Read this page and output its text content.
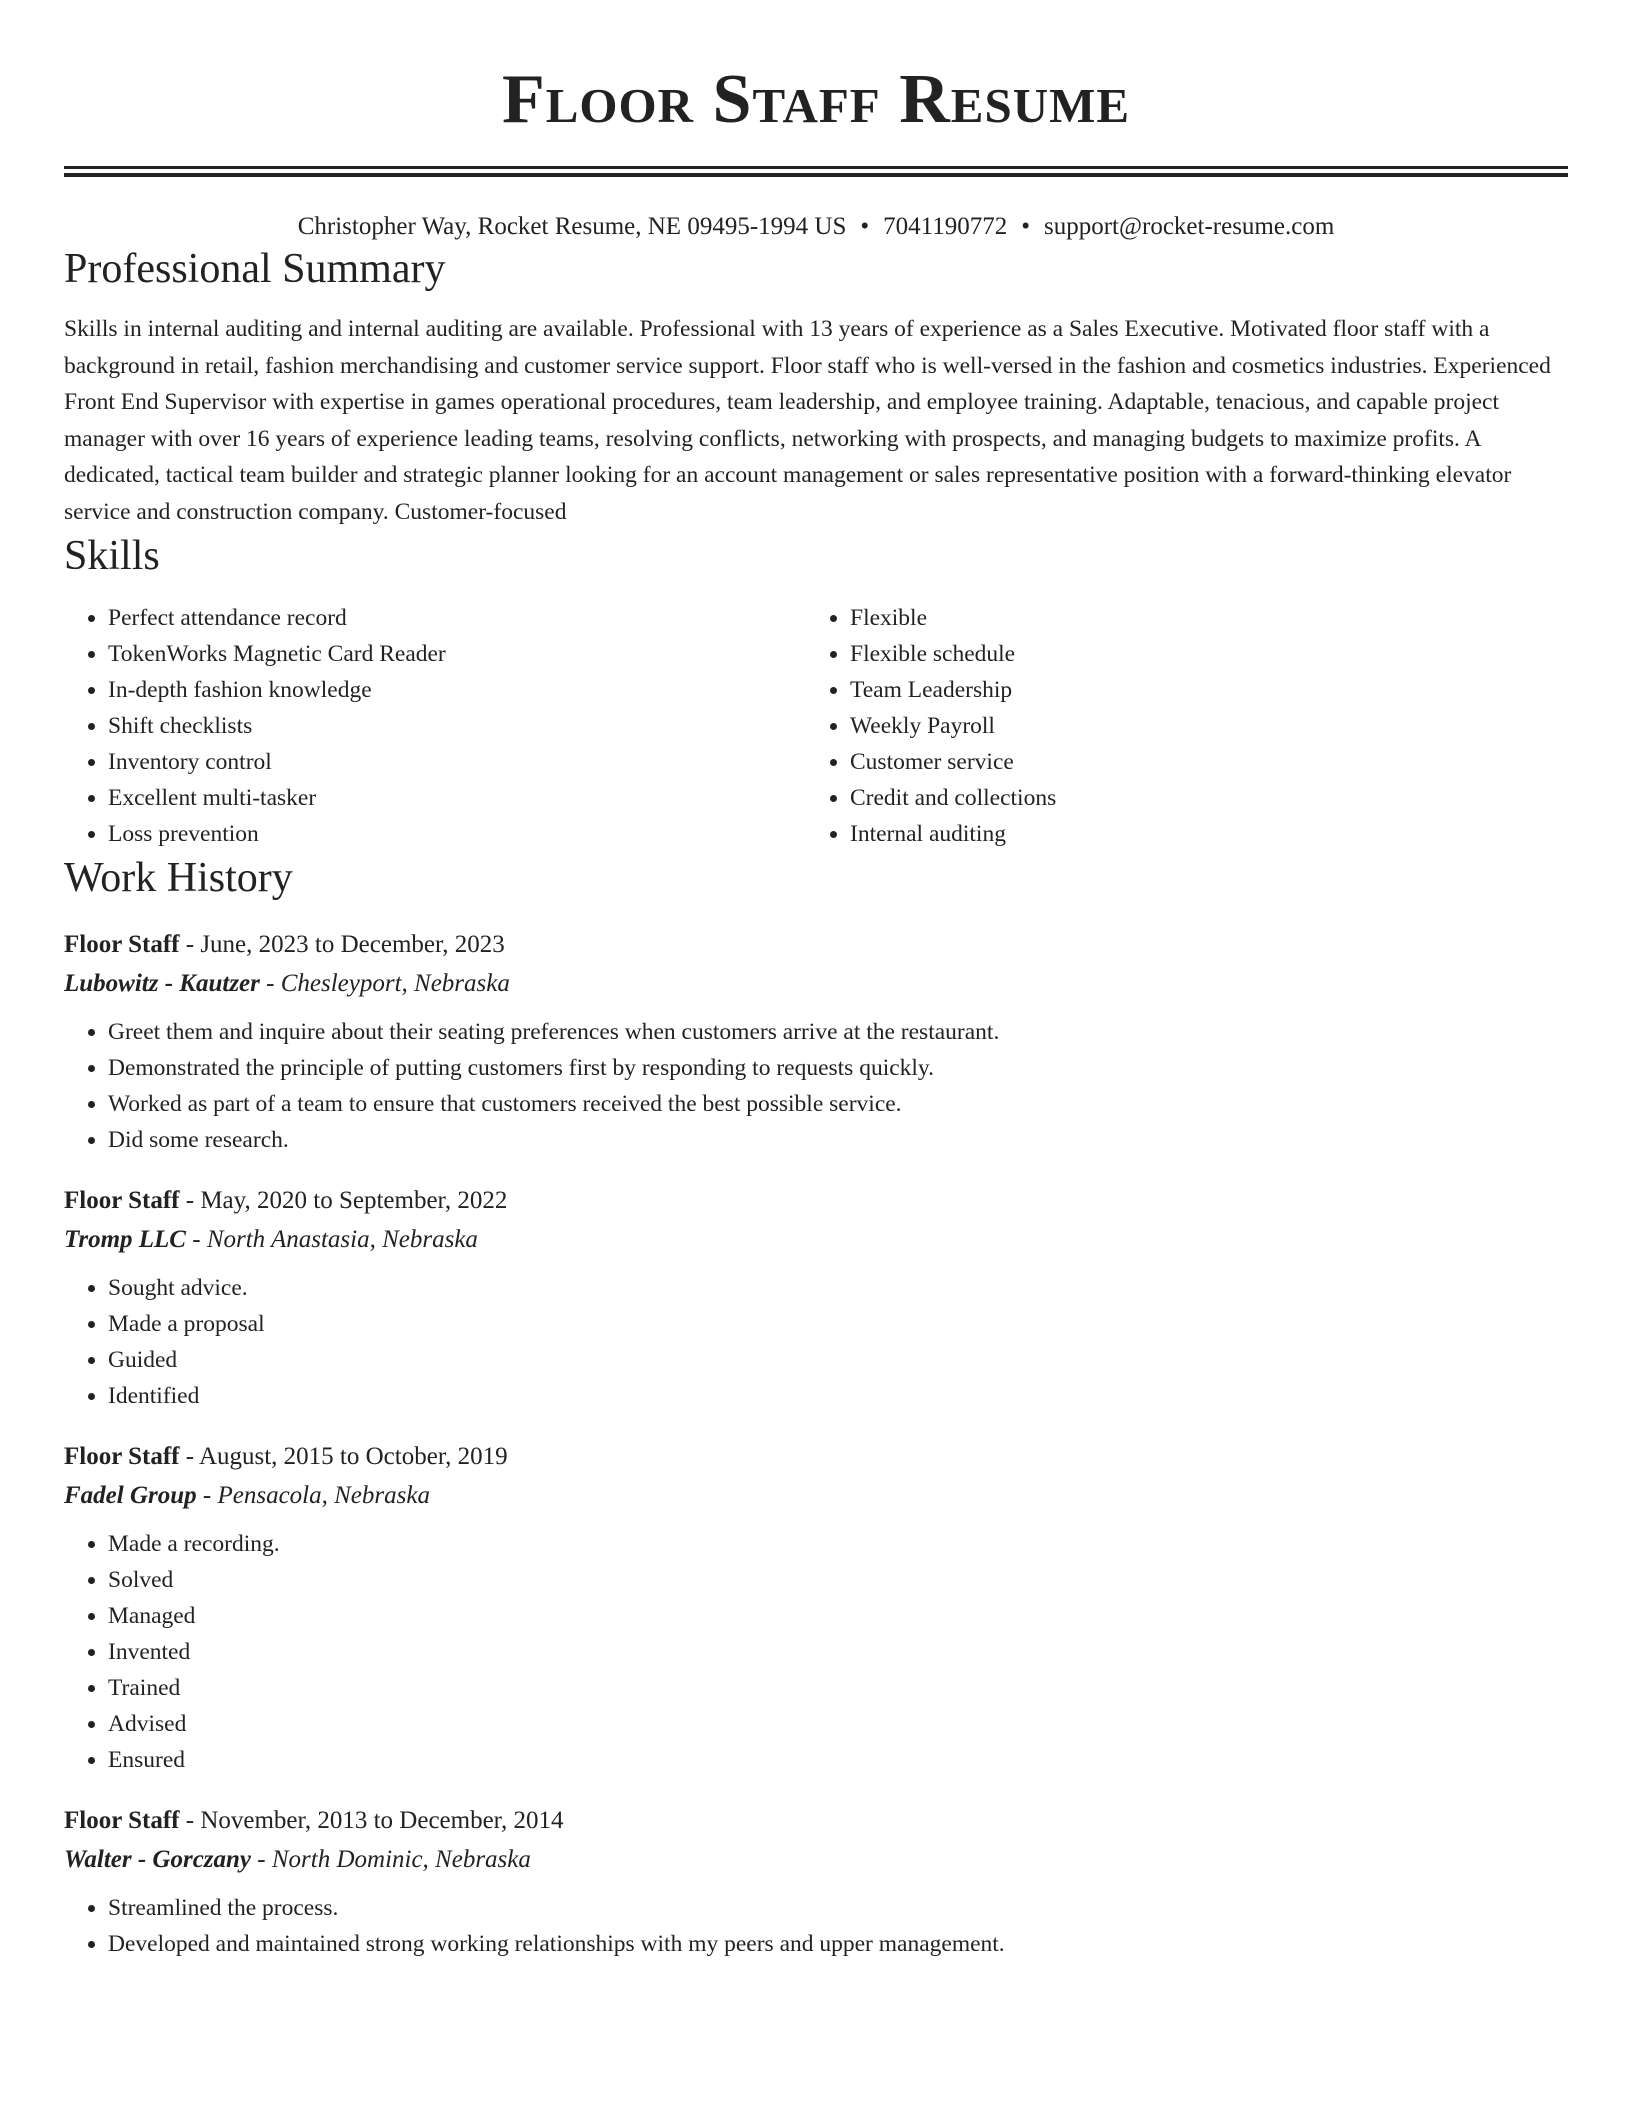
Floor Staff Resume
Christopher Way, Rocket Resume, NE 09495-1994 US • 7041190772 • support@rocket-resume.com
Professional Summary

Skills in internal auditing and internal auditing are available. Professional with 13 years of experience as a Sales Executive. Motivated floor staff with a background in retail, fashion merchandising and customer service support. Floor staff who is well-versed in the fashion and cosmetics industries. Experienced Front End Supervisor with expertise in games operational procedures, team leadership, and employee training. Adaptable, tenacious, and capable project manager with over 16 years of experience leading teams, resolving conflicts, networking with prospects, and managing budgets to maximize profits. A dedicated, tactical team builder and strategic planner looking for an account management or sales representative position with a forward-thinking elevator service and construction company. Customer-focused

Skills
• Perfect attendance record
• TokenWorks Magnetic Card Reader
• In-depth fashion knowledge
• Shift checklists
• Inventory control
• Excellent multi-tasker
• Loss prevention
• Flexible
• Flexible schedule
• Team Leadership
• Weekly Payroll
• Customer service
• Credit and collections
• Internal auditing
Work History
Floor Staff - June, 2023 to December, 2023
Lubowitz - Kautzer - Chesleyport, Nebraska
• Greet them and inquire about their seating preferences when customers arrive at the restaurant.
• Demonstrated the principle of putting customers first by responding to requests quickly.
• Worked as part of a team to ensure that customers received the best possible service.
• Did some research.
Floor Staff - May, 2020 to September, 2022
Tromp LLC - North Anastasia, Nebraska
• Sought advice.
• Made a proposal
• Guided
• Identified
Floor Staff - August, 2015 to October, 2019
Fadel Group - Pensacola, Nebraska
• Made a recording.
• Solved
• Managed
• Invented
• Trained
• Advised
• Ensured
Floor Staff - November, 2013 to December, 2014
Walter - Gorczany - North Dominic, Nebraska
• Streamlined the process.
• Developed and maintained strong working relationships with my peers and upper management.
